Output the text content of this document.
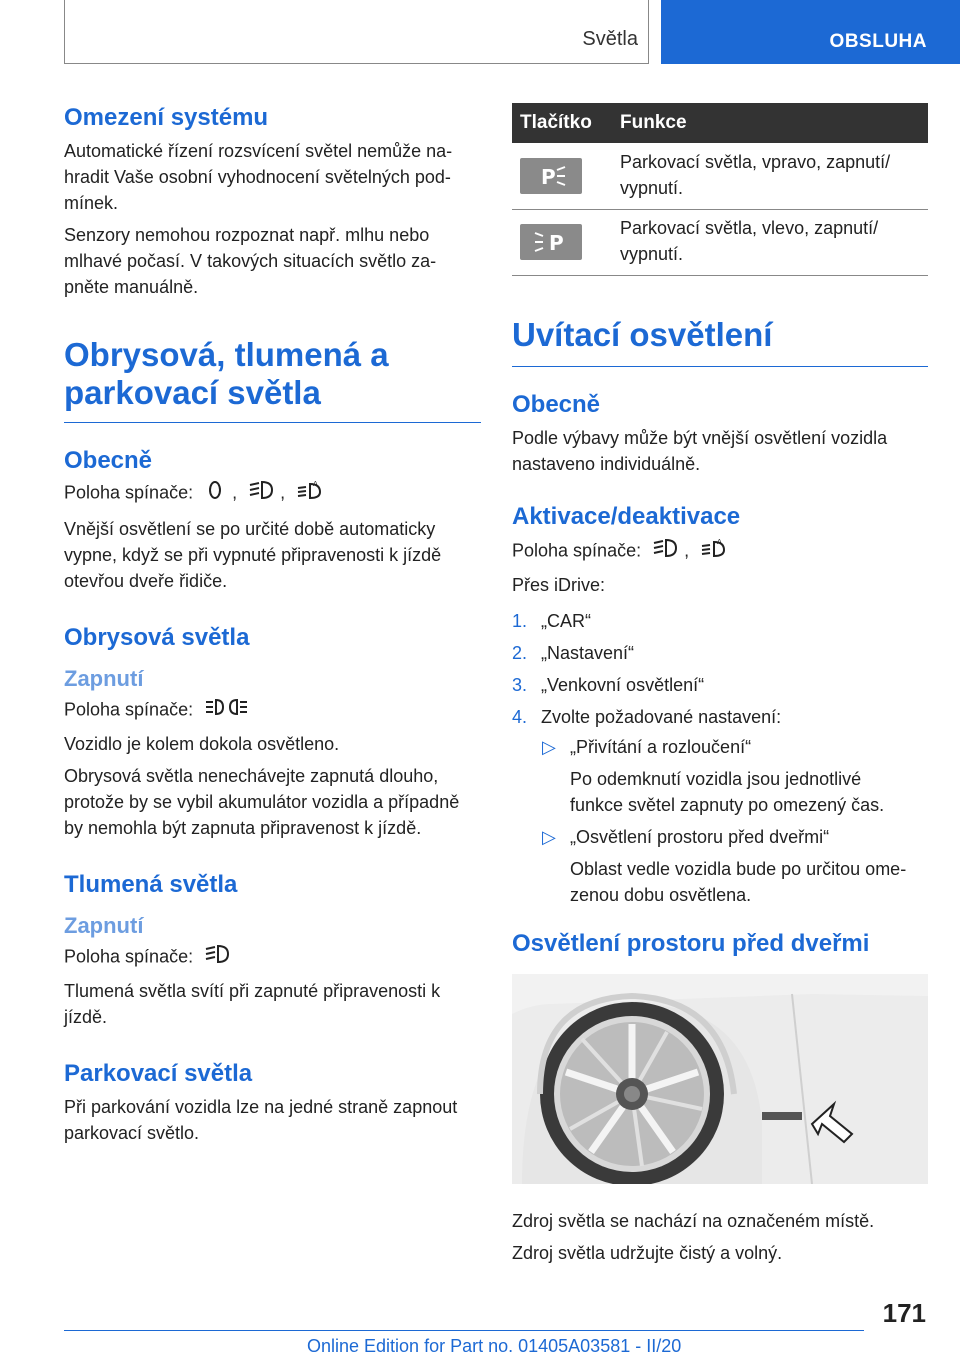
Světla	OBSLUHA
Omezení systému

Automatické řízení rozsvícení světel nemůže na-

hradit Vaše osobní vyhodnocení světelných pod-

mínek.

Senzory nemohou rozpoznat např. mlhu nebo

mlhavé počasí. V takových situacích světlo za-

pněte manuálně.

Obrysová, tlumená a
parkovací světla
Obecně

Poloha spínače: , ,	A

Vnější osvětlení se po určité době automaticky

vypne, když se při vypnuté připravenosti k jízdě

otevřou dveře řidiče.

Obrysová světla
Zapnutí

Poloha spínače:

Vozidlo je kolem dokola osvětleno.

Obrysová světla nenechávejte zapnutá dlouho,

protože by se vybil akumulátor vozidla a případně

by nemohla být zapnuta připravenost k jízdě.

Tlumená světla
Zapnutí

Poloha spínače:

Tlumená světla svítí při zapnuté připravenosti k

jízdě.

Parkovací světla

Při parkování vozidla lze na jedné straně zapnout

parkovací světlo.

Tlačítko	Funkce

P	Parkovací světla, vpravo, zapnutí/

vypnutí.

P	Parkovací světla, vlevo, zapnutí/

vypnutí.

Uvítací osvětlení
Obecně

Podle výbavy může být vnější osvětlení vozidla

nastaveno individuálně.

Aktivace/deaktivace

Poloha spínače: ,	A

Přes iDrive:

1. „CAR“
2. „Nastavení“
3. „Venkovní osvětlení“
4. Zvolte požadované nastavení:
▷ „Přivítání a rozloučení“
Po odemknutí vozidla jsou jednotlivé
funkce světel zapnuty po omezený čas.
▷ „Osvětlení prostoru před dveřmi“
Oblast vedle vozidla bude po určitou ome-
zenou dobu osvětlena.
Osvětlení prostoru před dveřmi

Zdroj světla se nachází na označeném místě.

Zdroj světla udržujte čistý a volný.

171
Online Edition for Part no. 01405A03581 - II/20
